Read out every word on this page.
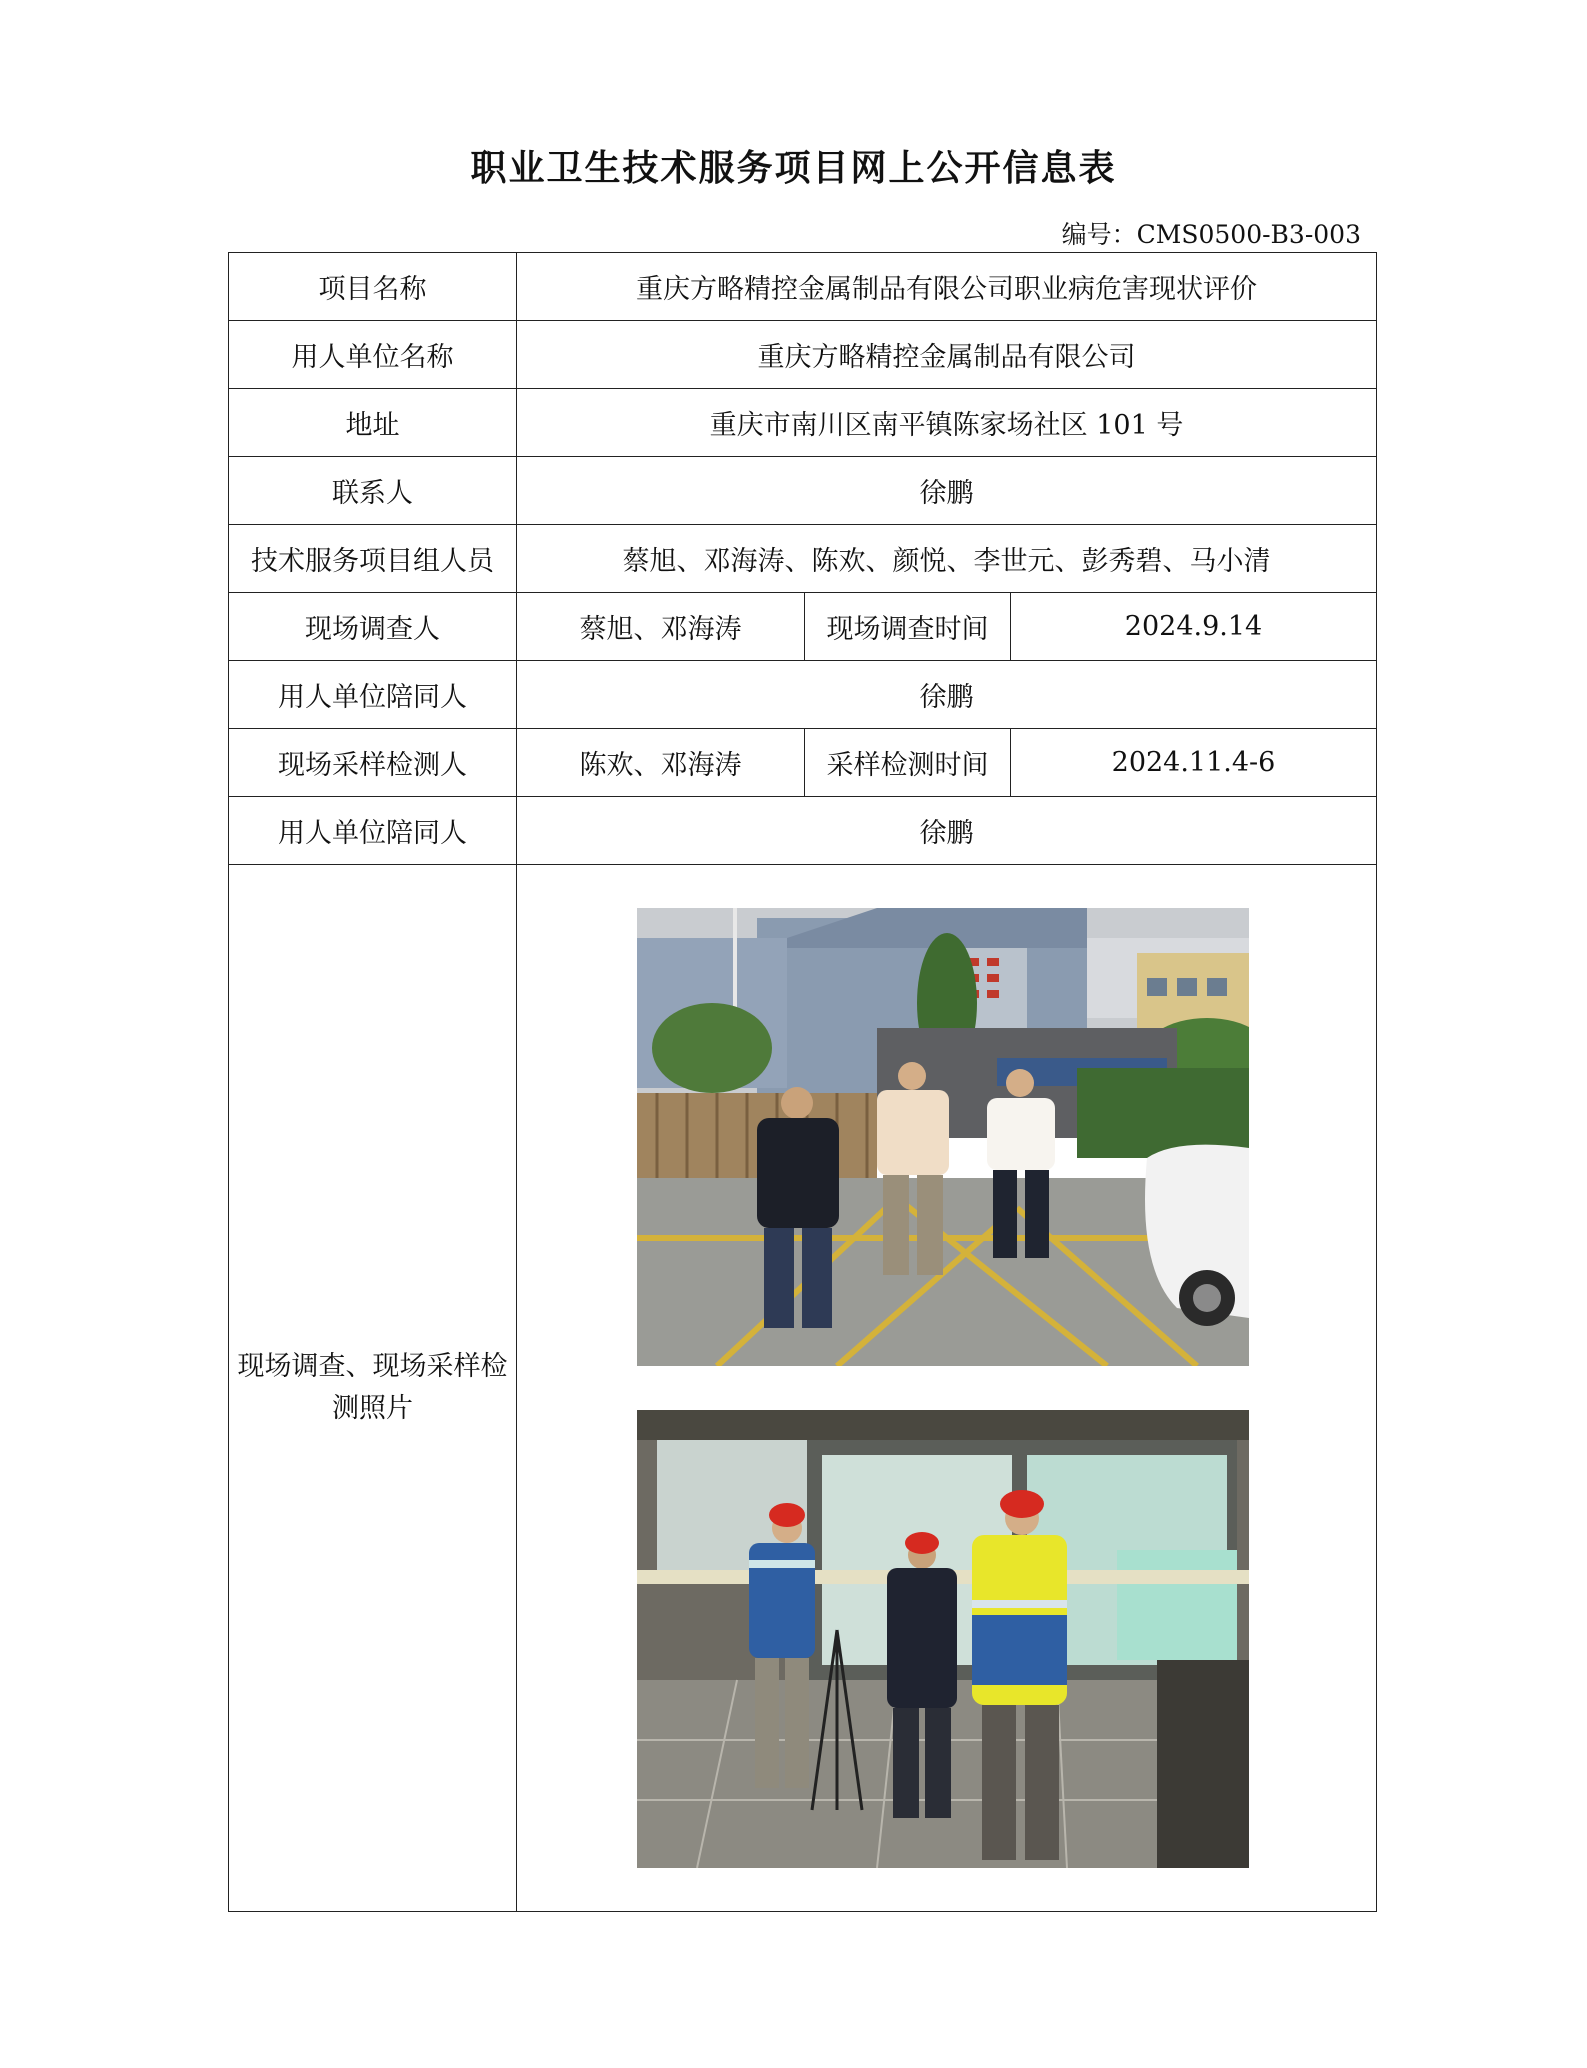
职业卫生技术服务项目网上公开信息表
编号：CMS0500-B3-003
项目名称	重庆方略精控金属制品有限公司职业病危害现状评价		
用人单位名称	重庆方略精控金属制品有限公司		
地址	重庆市南川区南平镇陈家场社区 101 号		
联系人	徐鹏		
技术服务项目组人员	蔡旭、邓海涛、陈欢、颜悦、李世元、彭秀碧、马小清		
现场调查人	蔡旭、邓海涛	现场调查时间	2024.9.14
用人单位陪同人	徐鹏		
现场采样检测人	陈欢、邓海涛	采样检测时间	2024.11.4-6
用人单位陪同人	徐鹏		
现场调查、现场采样检测照片	
